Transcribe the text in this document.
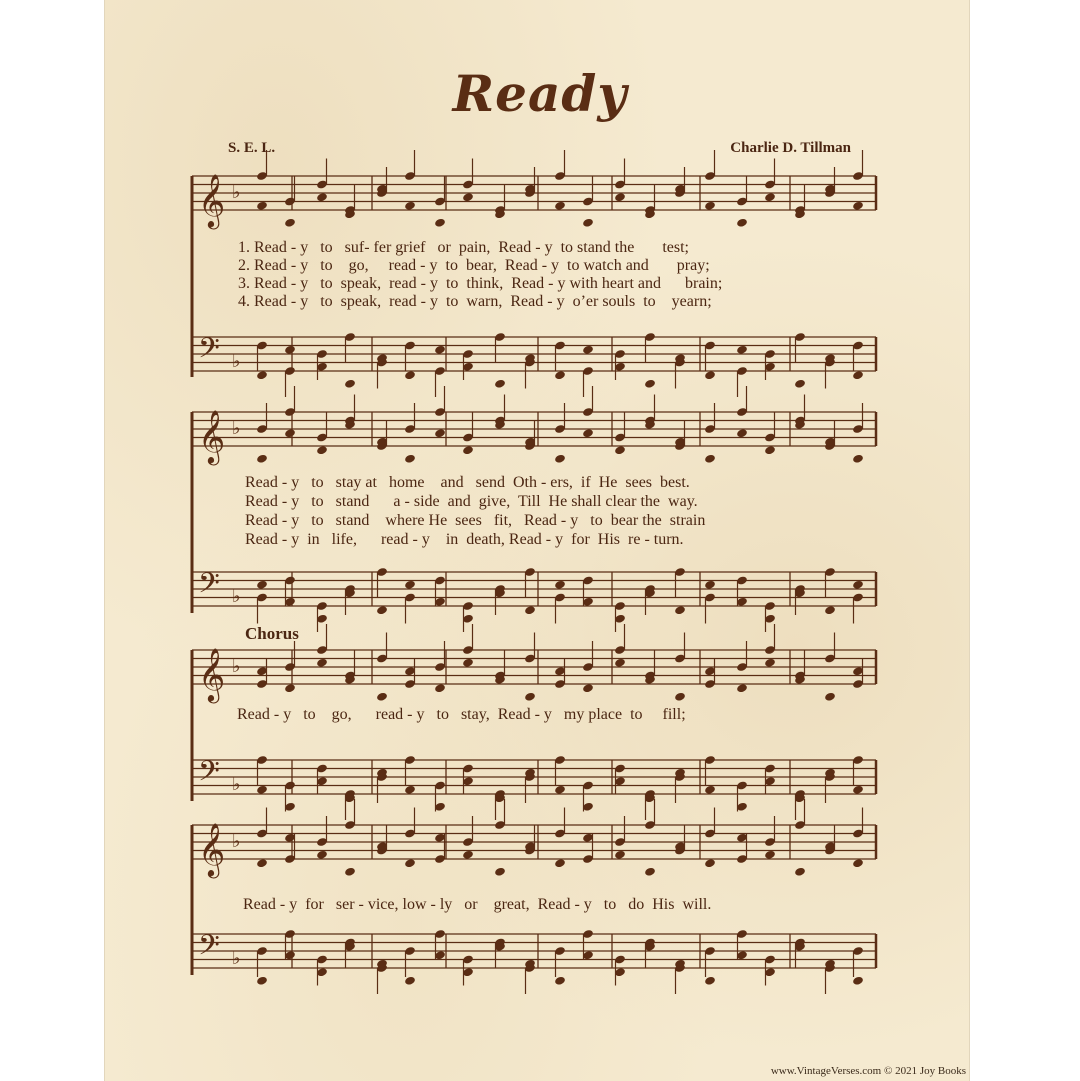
Ready
S. E. L.	Charlie D. Tillman
𝄞 ♭
𝄢 ♭
𝄞 ♭
𝄢 ♭
𝄞 ♭
𝄢 ♭
𝄞 ♭
𝄢 ♭
1. Read - y   to   suf- fer grief   or  pain,  Read - y  to stand the       test;
2. Read - y   to    go,     read - y  to  bear,  Read - y  to watch and       pray;
3. Read - y   to  speak,  read - y  to  think,  Read - y with heart and      brain;
4. Read - y   to  speak,  read - y  to  warn,  Read - y  o’er souls  to    yearn;
Read - y   to   stay at   home    and   send  Oth - ers,  if  He  sees  best.
Read - y   to   stand      a - side  and  give,  Till  He shall clear the  way.
Read - y   to   stand    where He  sees   fit,   Read - y   to  bear the  strain
Read - y  in   life,      read - y    in  death, Read - y  for  His  re - turn.
Chorus
Read - y   to    go,      read - y   to   stay,  Read - y   my place  to     fill;
Read - y  for   ser - vice, low - ly   or    great,  Read - y   to   do  His  will.
www.VintageVerses.com © 2021 Joy Books
